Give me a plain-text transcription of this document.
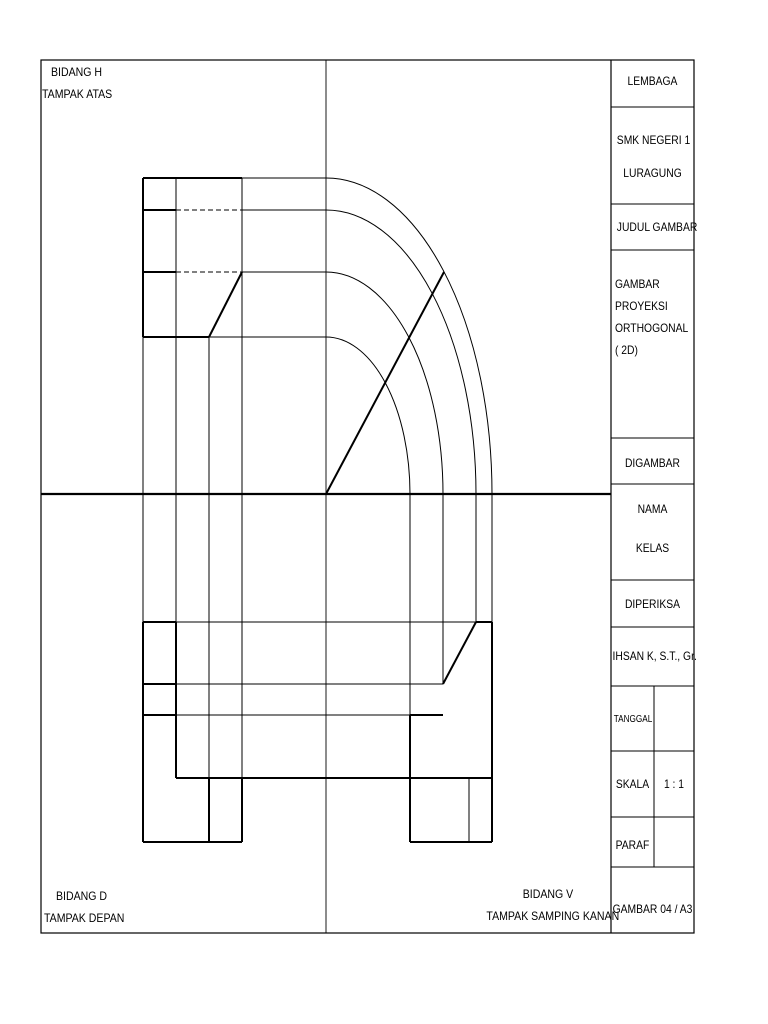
BIDANG H
TAMPAK ATAS
BIDANG D
TAMPAK DEPAN
BIDANG V
TAMPAK SAMPING KANAN
LEMBAGA
SMK NEGERI 1
LURAGUNG
JUDUL GAMBAR
GAMBAR
PROYEKSI
ORTHOGONAL
( 2D)
DIGAMBAR
NAMA
KELAS
DIPERIKSA
IHSAN K, S.T., Gr.
TANGGAL
SKALA	1 : 1
PARAF
GAMBAR 04 / A3
